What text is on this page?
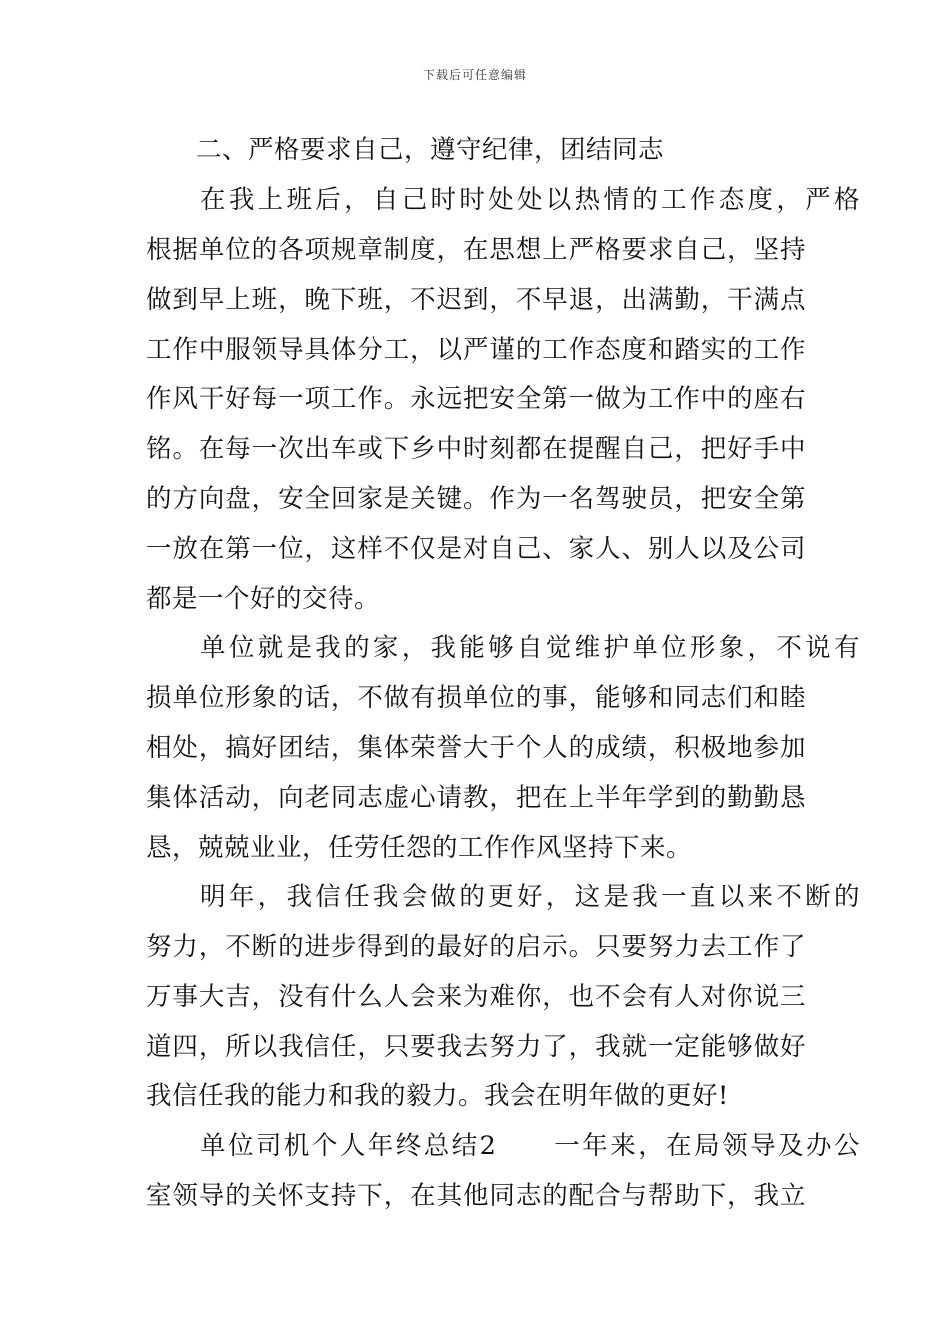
下载后可任意编辑
二、严格要求自己，遵守纪律，团结同志
在我上班后，自己时时处处以热情的工作态度，严格
根据单位的各项规章制度，在思想上严格要求自己，坚持
做到早上班，晚下班，不迟到，不早退，出满勤，干满点
工作中服领导具体分工，以严谨的工作态度和踏实的工作
作风干好每一项工作。永远把安全第一做为工作中的座右
铭。在每一次出车或下乡中时刻都在提醒自己，把好手中
的方向盘，安全回家是关键。作为一名驾驶员，把安全第
一放在第一位，这样不仅是对自己、家人、别人以及公司
都是一个好的交待。
单位就是我的家，我能够自觉维护单位形象，不说有
损单位形象的话，不做有损单位的事，能够和同志们和睦
相处，搞好团结，集体荣誉大于个人的成绩，积极地参加
集体活动，向老同志虚心请教，把在上半年学到的勤勤恳
恳，兢兢业业，任劳任怨的工作作风坚持下来。
明年，我信任我会做的更好，这是我一直以来不断的
努力，不断的进步得到的最好的启示。只要努力去工作了
万事大吉，没有什么人会来为难你，也不会有人对你说三
道四，所以我信任，只要我去努力了，我就一定能够做好
我信任我的能力和我的毅力。我会在明年做的更好!
单位司机个人年终总结2　　一年来，在局领导及办公
室领导的关怀支持下，在其他同志的配合与帮助下，我立
